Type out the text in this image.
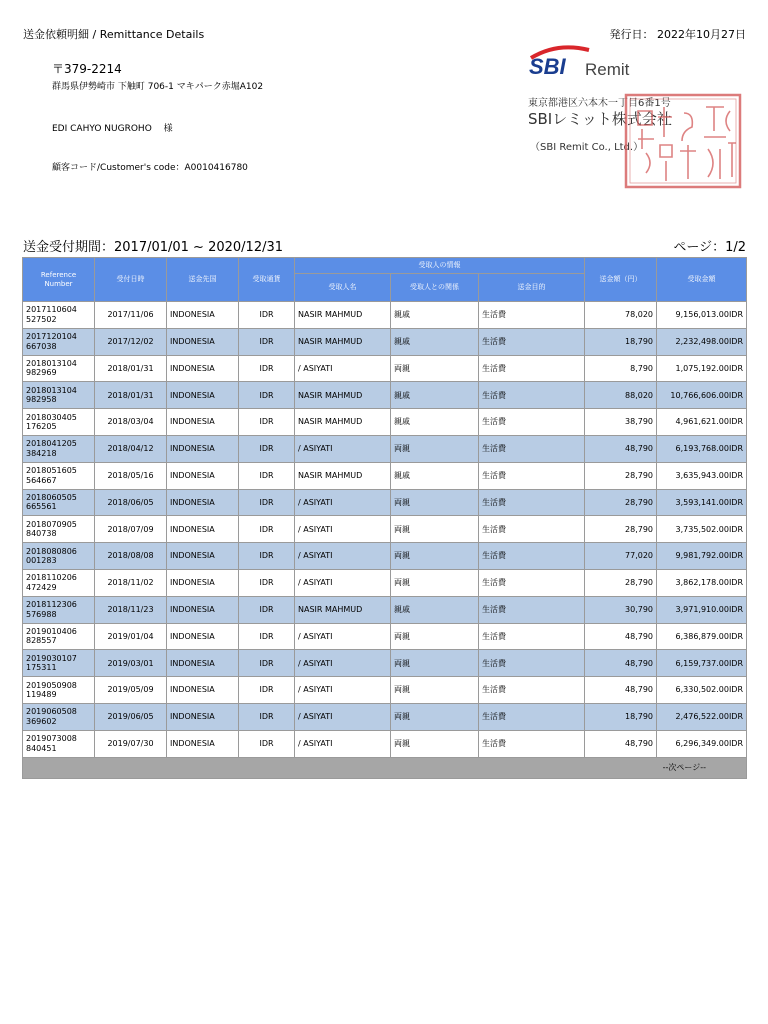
送金依頼明細 / Remittance Details	発行日： 2022年10月27日
〒379-2214
群馬県伊勢崎市 下触町 706-1 マキパーク赤堀A102
EDI CAHYO NUGROHO　 様
顧客コード/Customer's code：A0010416780
SBI Remit
東京都港区六本木一丁目6番1号
SBIレミット株式会社
（SBI Remit Co., Ltd.）
送金受付期間：2017/01/01 ~ 2020/12/31	ページ：1/2
Reference Number	受付日時	送金先国	受取通貨	受取人の情報			送金額（円）	受取金額
				受取人名	受取人との関係	送金目的		
2017110604 527502	2017/11/06	INDONESIA	IDR	NASIR MAHMUD	親戚	生活費	78,020	9,156,013.00IDR
2017120104 667038	2017/12/02	INDONESIA	IDR	NASIR MAHMUD	親戚	生活費	18,790	2,232,498.00IDR
2018013104 982969	2018/01/31	INDONESIA	IDR	/ ASIYATI	両親	生活費	8,790	1,075,192.00IDR
2018013104 982958	2018/01/31	INDONESIA	IDR	NASIR MAHMUD	親戚	生活費	88,020	10,766,606.00IDR
2018030405 176205	2018/03/04	INDONESIA	IDR	NASIR MAHMUD	親戚	生活費	38,790	4,961,621.00IDR
2018041205 384218	2018/04/12	INDONESIA	IDR	/ ASIYATI	両親	生活費	48,790	6,193,768.00IDR
2018051605 564667	2018/05/16	INDONESIA	IDR	NASIR MAHMUD	親戚	生活費	28,790	3,635,943.00IDR
2018060505 665561	2018/06/05	INDONESIA	IDR	/ ASIYATI	両親	生活費	28,790	3,593,141.00IDR
2018070905 840738	2018/07/09	INDONESIA	IDR	/ ASIYATI	両親	生活費	28,790	3,735,502.00IDR
2018080806 001283	2018/08/08	INDONESIA	IDR	/ ASIYATI	両親	生活費	77,020	9,981,792.00IDR
2018110206 472429	2018/11/02	INDONESIA	IDR	/ ASIYATI	両親	生活費	28,790	3,862,178.00IDR
2018112306 576988	2018/11/23	INDONESIA	IDR	NASIR MAHMUD	親戚	生活費	30,790	3,971,910.00IDR
2019010406 828557	2019/01/04	INDONESIA	IDR	/ ASIYATI	両親	生活費	48,790	6,386,879.00IDR
2019030107 175311	2019/03/01	INDONESIA	IDR	/ ASIYATI	両親	生活費	48,790	6,159,737.00IDR
2019050908 119489	2019/05/09	INDONESIA	IDR	/ ASIYATI	両親	生活費	48,790	6,330,502.00IDR
2019060508 369602	2019/06/05	INDONESIA	IDR	/ ASIYATI	両親	生活費	18,790	2,476,522.00IDR
2019073008 840451	2019/07/30	INDONESIA	IDR	/ ASIYATI	両親	生活費	48,790	6,296,349.00IDR
--次ページ--								
